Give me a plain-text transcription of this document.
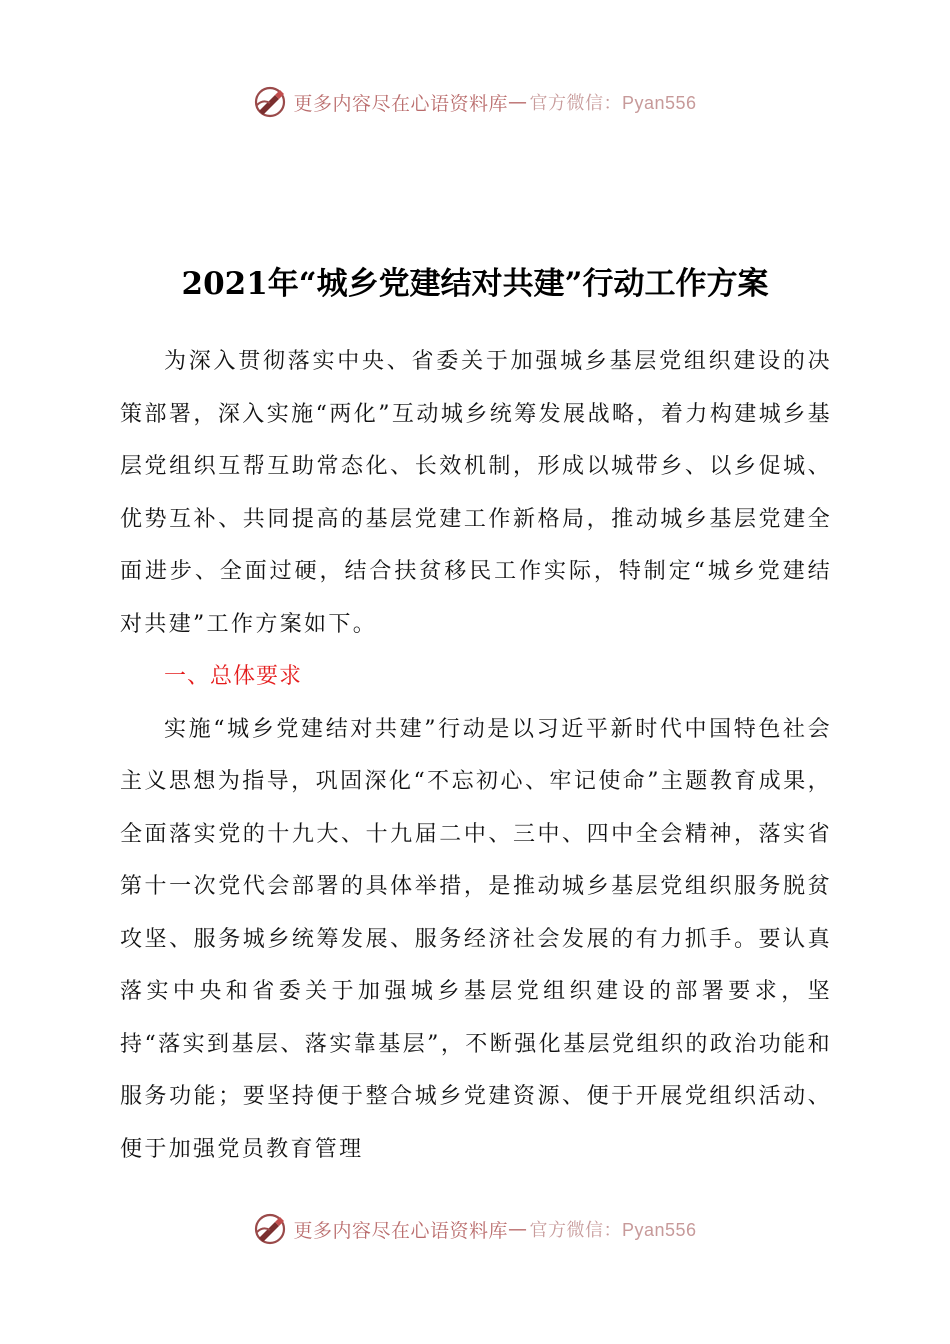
更多内容尽在心语资料库 — 官方微信：Pyan556
2021年“城乡党建结对共建”行动工作方案

为深入贯彻落实中央、省委关于加强城乡基层党组织建设的决策部署，深入实施“两化”互动城乡统筹发展战略，着力构建城乡基层党组织互帮互助常态化、长效机制，形成以城带乡、以乡促城、优势互补、共同提高的基层党建工作新格局，推动城乡基层党建全面进步、全面过硬，结合扶贫移民工作实际，特制定“城乡党建结对共建”工作方案如下。

一、总体要求

实施“城乡党建结对共建”行动是以习近平新时代中国特色社会主义思想为指导，巩固深化“不忘初心、牢记使命”主题教育成果，全面落实党的十九大、十九届二中、三中、四中全会精神，落实省第十一次党代会部署的具体举措，是推动城乡基层党组织服务脱贫攻坚、服务城乡统筹发展、服务经济社会发展的有力抓手。要认真落实中央和省委关于加强城乡基层党组织建设的部署要求，坚持“落实到基层、落实靠基层”，不断强化基层党组织的政治功能和服务功能；要坚持便于整合城乡党建资源、便于开展党组织活动、便于加强党员教育管理

更多内容尽在心语资料库 — 官方微信：Pyan556
